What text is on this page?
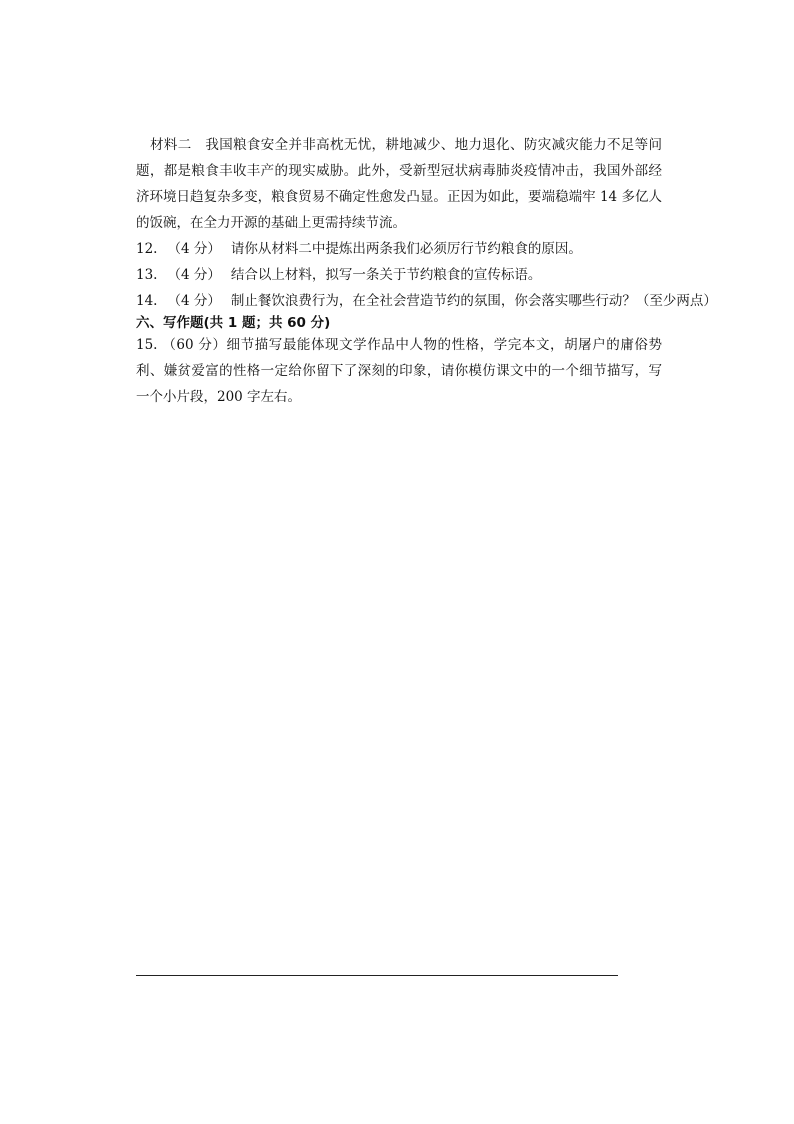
材料二　我国粮食安全并非高枕无忧，耕地减少、地力退化、防灾减灾能力不足等问题，都是粮食丰收丰产的现实威胁。此外，受新型冠状病毒肺炎疫情冲击，我国外部经济环境日趋复杂多变，粮食贸易不确定性愈发凸显。正因为如此，要端稳端牢 14 多亿人的饭碗，在全力开源的基础上更需持续节流。

12. （4 分） 请你从材料二中提炼出两条我们必须厉行节约粮食的原因。

13. （4 分） 结合以上材料，拟写一条关于节约粮食的宣传标语。

14. （4 分） 制止餐饮浪费行为，在全社会营造节约的氛围，你会落实哪些行动？（至少两点）

六、写作题(共 1 题；共 60 分)

15. （60 分）细节描写最能体现文学作品中人物的性格，学完本文，胡屠户的庸俗势利、嫌贫爱富的性格一定给你留下了深刻的印象，请你模仿课文中的一个细节描写，写一个小片段，200 字左右。
